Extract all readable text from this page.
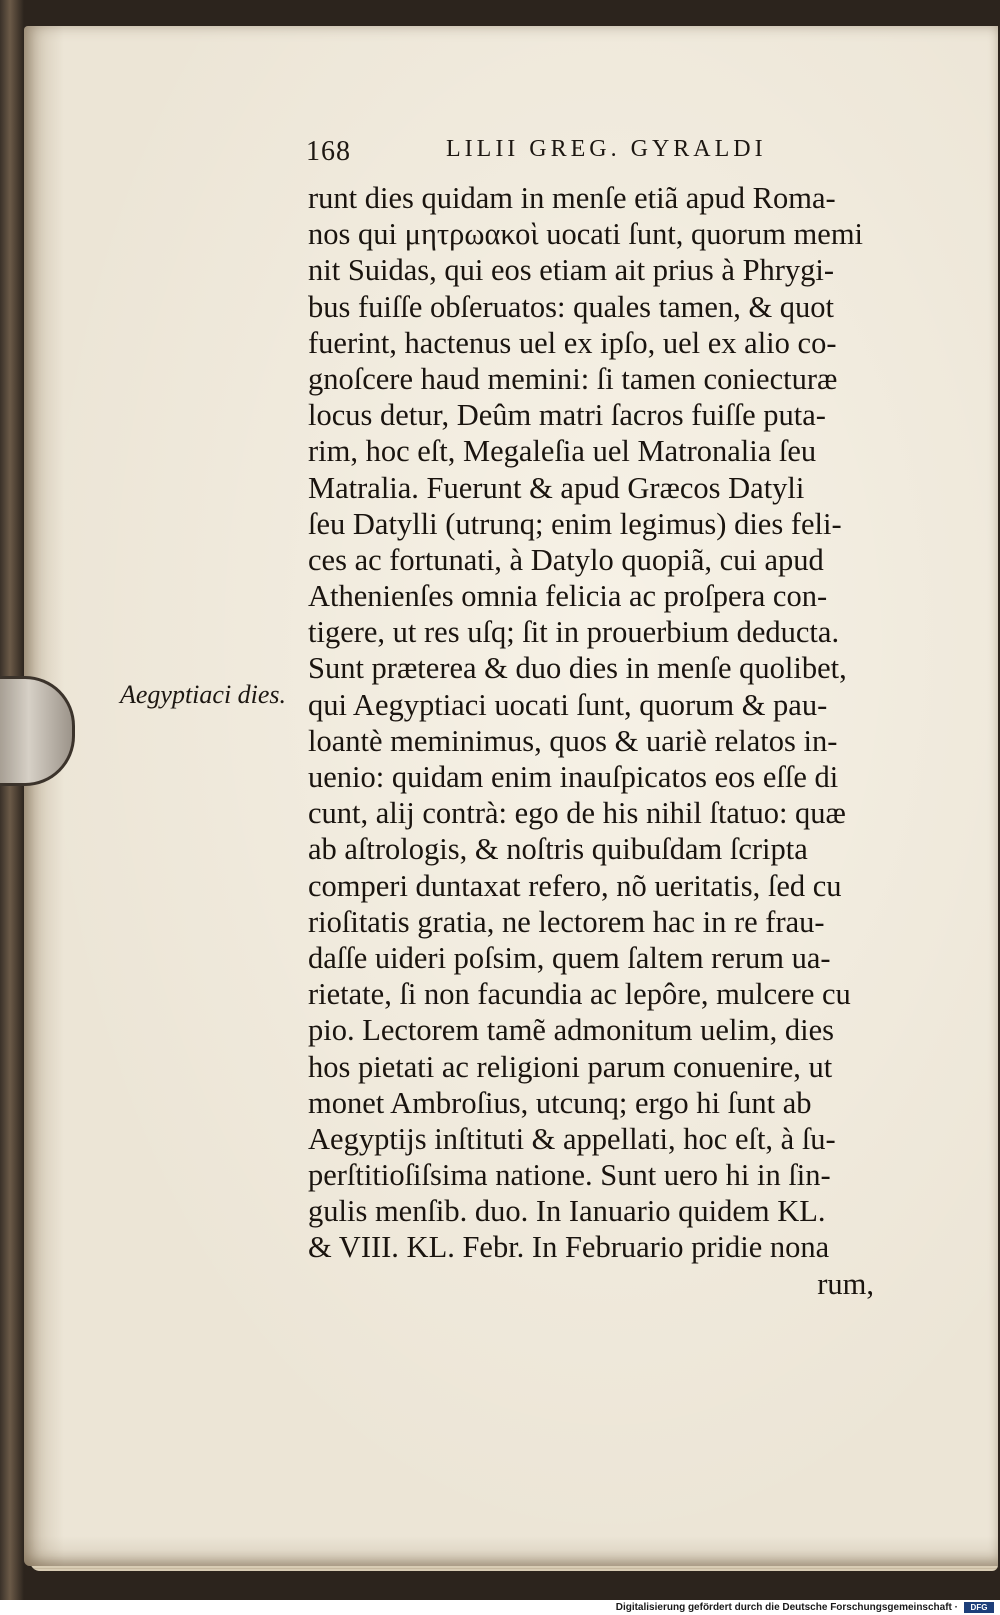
168	LILII GREG. GYRALDI
Aegyptiaci dies.
runt dies quidam in menſe etiã apud Roma-
nos qui μητρωακοὶ uocati ſunt, quorum memi
nit Suidas, qui eos etiam ait prius à Phrygi-
bus fuiſſe obſeruatos: quales tamen, & quot
fuerint, hactenus uel ex ipſo, uel ex alio co-
gnoſcere haud memini: ſi tamen coniecturæ
locus detur, Deûm matri ſacros fuiſſe puta-
rim, hoc eſt, Megaleſia uel Matronalia ſeu
Matralia. Fuerunt & apud Græcos Datyli
ſeu Datylli (utrunq; enim legimus) dies feli-
ces ac fortunati, à Datylo quopiã, cui apud
Athenienſes omnia felicia ac proſpera con-
tigere, ut res uſq; ſit in prouerbium deducta.
Sunt præterea & duo dies in menſe quolibet,
qui Aegyptiaci uocati ſunt, quorum & pau-
loantè meminimus, quos & uariè relatos in-
uenio: quidam enim inauſpicatos eos eſſe di
cunt, alij contrà: ego de his nihil ſtatuo: quæ
ab aſtrologis, & noſtris quibuſdam ſcripta
comperi duntaxat refero, nõ ueritatis, ſed cu
rioſitatis gratia, ne lectorem hac in re frau-
daſſe uideri poſsim, quem ſaltem rerum ua-
rietate, ſi non facundia ac lepôre, mulcere cu
pio. Lectorem tamẽ admonitum uelim, dies
hos pietati ac religioni parum conuenire, ut
monet Ambroſius, utcunq; ergo hi ſunt ab
Aegyptijs inſtituti & appellati, hoc eſt, à ſu-
perſtitioſiſsima natione. Sunt uero hi in ſin-
gulis menſib. duo. In Ianuario quidem KL.
& VIII. KL. Febr. In Februario pridie nona
rum,
Digitalisierung gefördert durch die Deutsche Forschungsgemeinschaft ·	DFG
